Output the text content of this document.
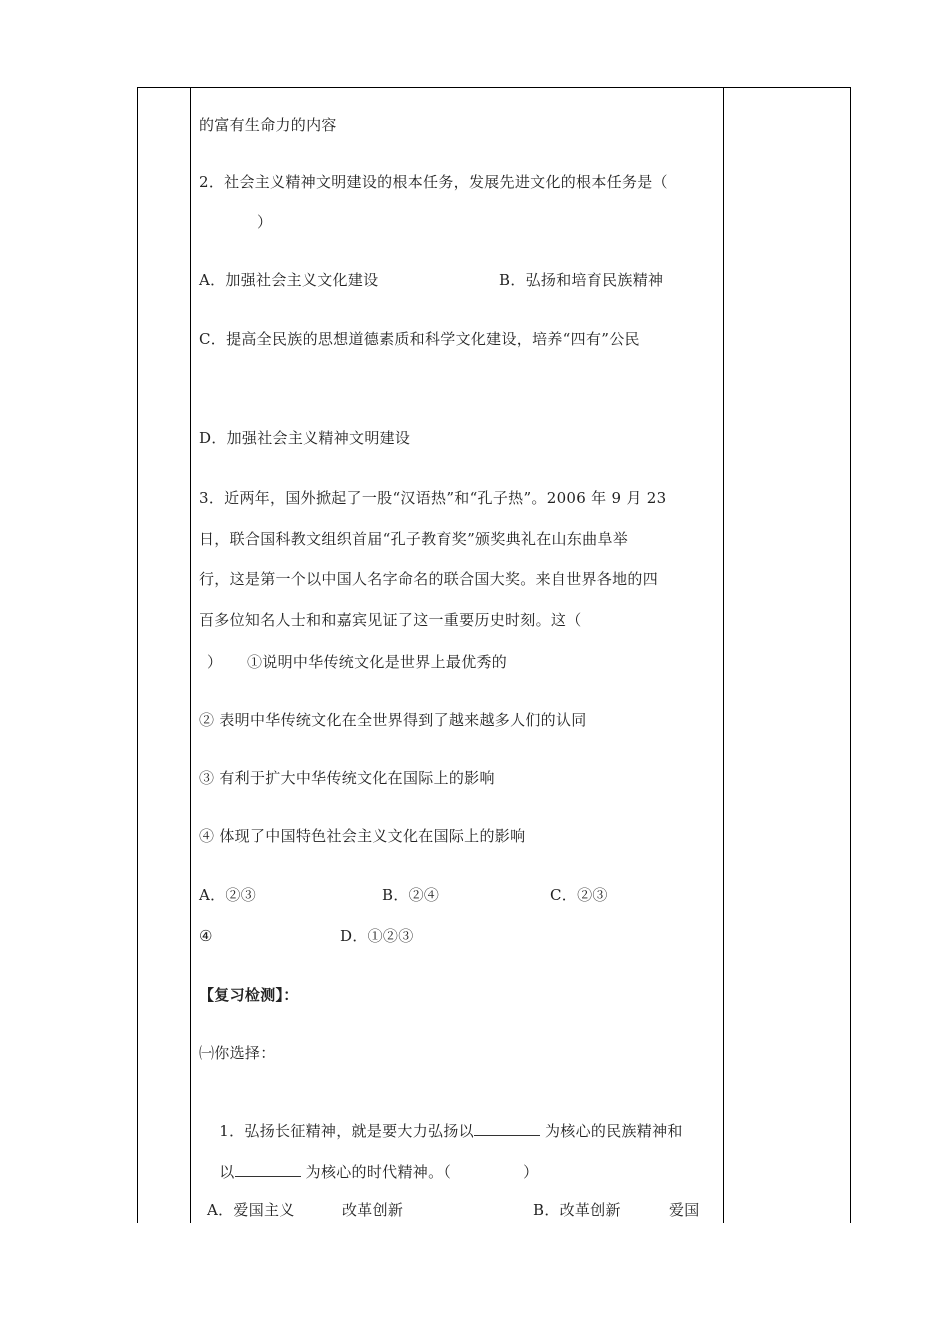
的富有生命力的内容
2．社会主义精神文明建设的根本任务，发展先进文化的根本任务是（
）
A．加强社会主义文化建设	B．弘扬和培育民族精神
C．提高全民族的思想道德素质和科学文化建设，培养“四有”公民
D．加强社会主义精神文明建设
3．近两年，国外掀起了一股“汉语热”和“孔子热”。2006 年 9 月 23
日，联合国科教文组织首届“孔子教育奖”颁奖典礼在山东曲阜举
行，这是第一个以中国人名字命名的联合国大奖。来自世界各地的四
百多位知名人士和和嘉宾见证了这一重要历史时刻。这（
） ①说明中华传统文化是世界上最优秀的
② 表明中华传统文化在全世界得到了越来越多人们的认同
③ 有利于扩大中华传统文化在国际上的影响
④ 体现了中国特色社会主义文化在国际上的影响
A．②③	B．②④	C．②③
④	D．①②③
【复习检测】：
㈠你选择：

1．弘扬长征精神，就是要大力弘扬以	为核心的民族精神和

以	为核心的时代精神。（	）

A．爱国主义	改革创新	B．改革创新	爱国
